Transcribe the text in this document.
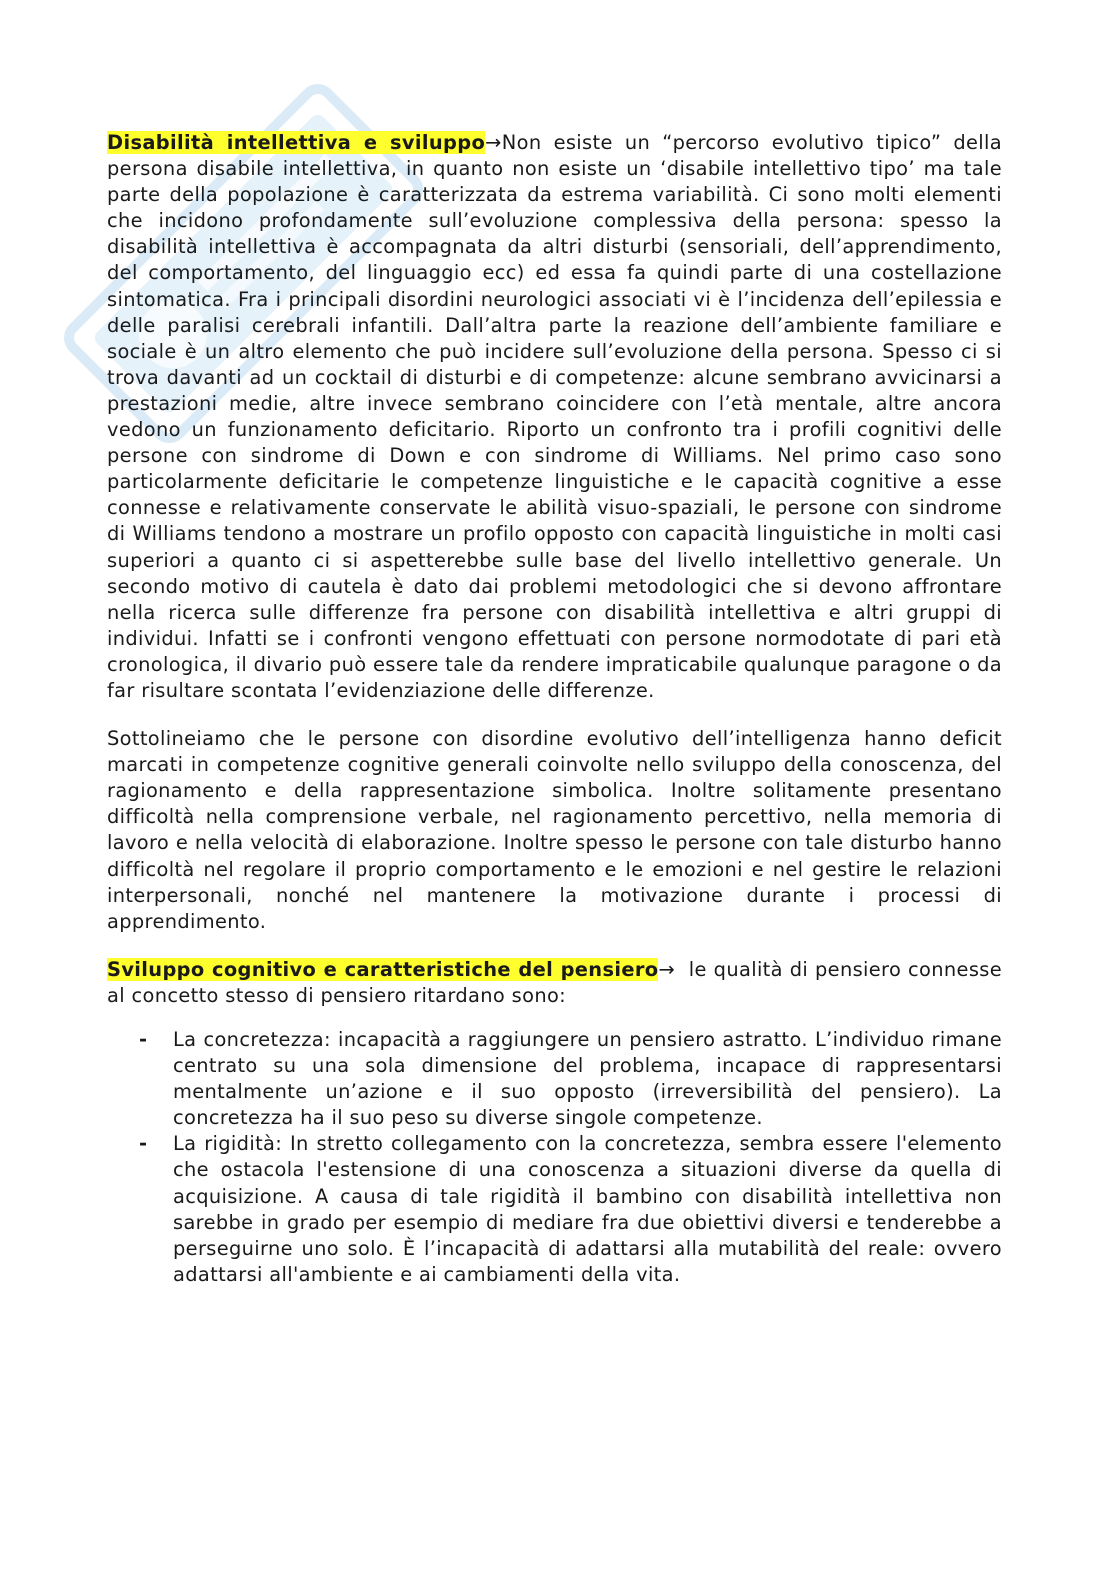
Disabilità intellettiva e sviluppo→Non esiste un “percorso evolutivo tipico” della persona disabile intellettiva, in quanto non esiste un ‘disabile intellettivo tipo’ ma tale parte della popolazione è caratterizzata da estrema variabilità. Ci sono molti elementi che incidono profondamente sull’evoluzione complessiva della persona: spesso la disabilità intellettiva è accompagnata da altri disturbi (sensoriali, dell’apprendimento, del comportamento, del linguaggio ecc) ed essa fa quindi parte di una costellazione sintomatica. Fra i principali disordini neurologici associati vi è l’incidenza dell’epilessia e delle paralisi cerebrali infantili. Dall’altra parte la reazione dell’ambiente familiare e sociale è un altro elemento che può incidere sull’evoluzione della persona. Spesso ci si trova davanti ad un cocktail di disturbi e di competenze: alcune sembrano avvicinarsi a prestazioni medie, altre invece sembrano coincidere con l’età mentale, altre ancora vedono un funzionamento deficitario. Riporto un confronto tra i profili cognitivi delle persone con sindrome di Down e con sindrome di Williams. Nel primo caso sono particolarmente deficitarie le competenze linguistiche e le capacità cognitive a esse connesse e relativamente conservate le abilità visuo-spaziali, le persone con sindrome di Williams tendono a mostrare un profilo opposto con capacità linguistiche in molti casi superiori a quanto ci si aspetterebbe sulle base del livello intellettivo generale. Un secondo motivo di cautela è dato dai problemi metodologici che si devono affrontare nella ricerca sulle differenze fra persone con disabilità intellettiva e altri gruppi di individui. Infatti se i confronti vengono effettuati con persone normodotate di pari età cronologica, il divario può essere tale da rendere impraticabile qualunque paragone o da far risultare scontata l’evidenziazione delle differenze.

Sottolineiamo che le persone con disordine evolutivo dell’intelligenza hanno deficit marcati in competenze cognitive generali coinvolte nello sviluppo della conoscenza, del ragionamento e della rappresentazione simbolica. Inoltre solitamente presentano difficoltà nella comprensione verbale, nel ragionamento percettivo, nella memoria di lavoro e nella velocità di elaborazione. Inoltre spesso le persone con tale disturbo hanno difficoltà nel regolare il proprio comportamento e le emozioni e nel gestire le relazioni interpersonali, nonché nel mantenere la motivazione durante i processi di apprendimento.

Sviluppo cognitivo e caratteristiche del pensiero→  le qualità di pensiero connesse al concetto stesso di pensiero ritardano sono:

- La concretezza: incapacità a raggiungere un pensiero astratto. L’individuo rimane centrato su una sola dimensione del problema, incapace di rappresentarsi mentalmente un’azione e il suo opposto (irreversibilità del pensiero). La concretezza ha il suo peso su diverse singole competenze.

- La rigidità: In stretto collegamento con la concretezza, sembra essere l'elemento che ostacola l'estensione di una conoscenza a situazioni diverse da quella di acquisizione. A causa di tale rigidità il bambino con disabilità intellettiva non sarebbe in grado per esempio di mediare fra due obiettivi diversi e tenderebbe a perseguirne uno solo. È l’incapacità di adattarsi alla mutabilità del reale: ovvero adattarsi all'ambiente e ai cambiamenti della vita.
